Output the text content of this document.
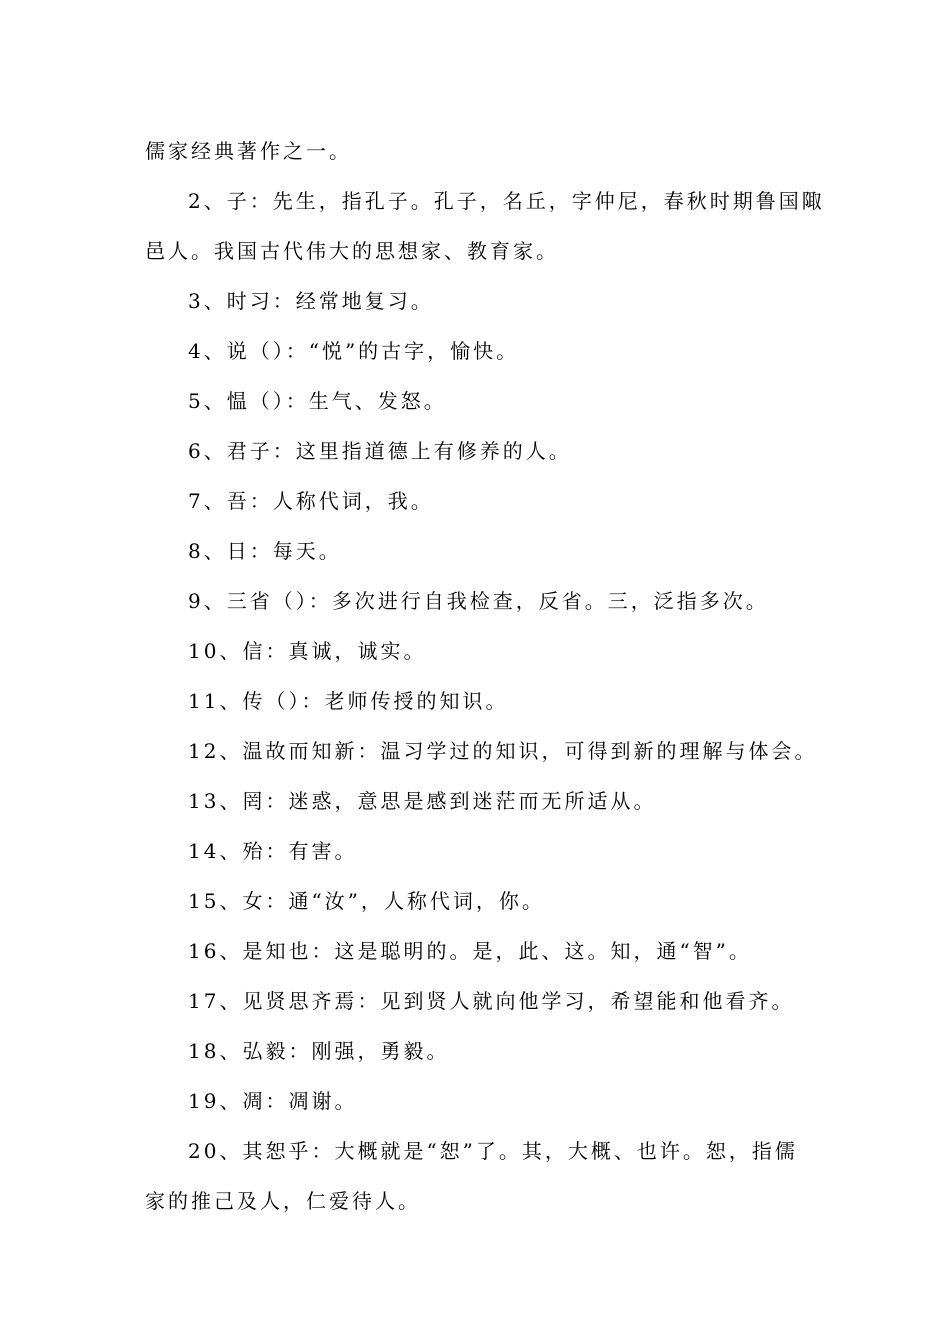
儒家经典著作之一。
2、子：先生，指孔子。孔子，名丘，字仲尼，春秋时期鲁国陬
邑人。我国古代伟大的思想家、教育家。
3、时习：经常地复习。
4、说（）：“悦”的古字，愉快。
5、愠（）：生气、发怒。
6、君子：这里指道德上有修养的人。
7、吾：人称代词，我。
8、日：每天。
9、三省（）：多次进行自我检查，反省。三，泛指多次。
10、信：真诚，诚实。
11、传（）：老师传授的知识。
12、温故而知新：温习学过的知识，可得到新的理解与体会。
13、罔：迷惑，意思是感到迷茫而无所适从。
14、殆：有害。
15、女：通“汝”，人称代词，你。
16、是知也：这是聪明的。是，此、这。知，通“智”。
17、见贤思齐焉：见到贤人就向他学习，希望能和他看齐。
18、弘毅：刚强，勇毅。
19、凋：凋谢。
20、其恕乎：大概就是“恕”了。其，大概、也许。恕，指儒
家的推己及人，仁爱待人。
